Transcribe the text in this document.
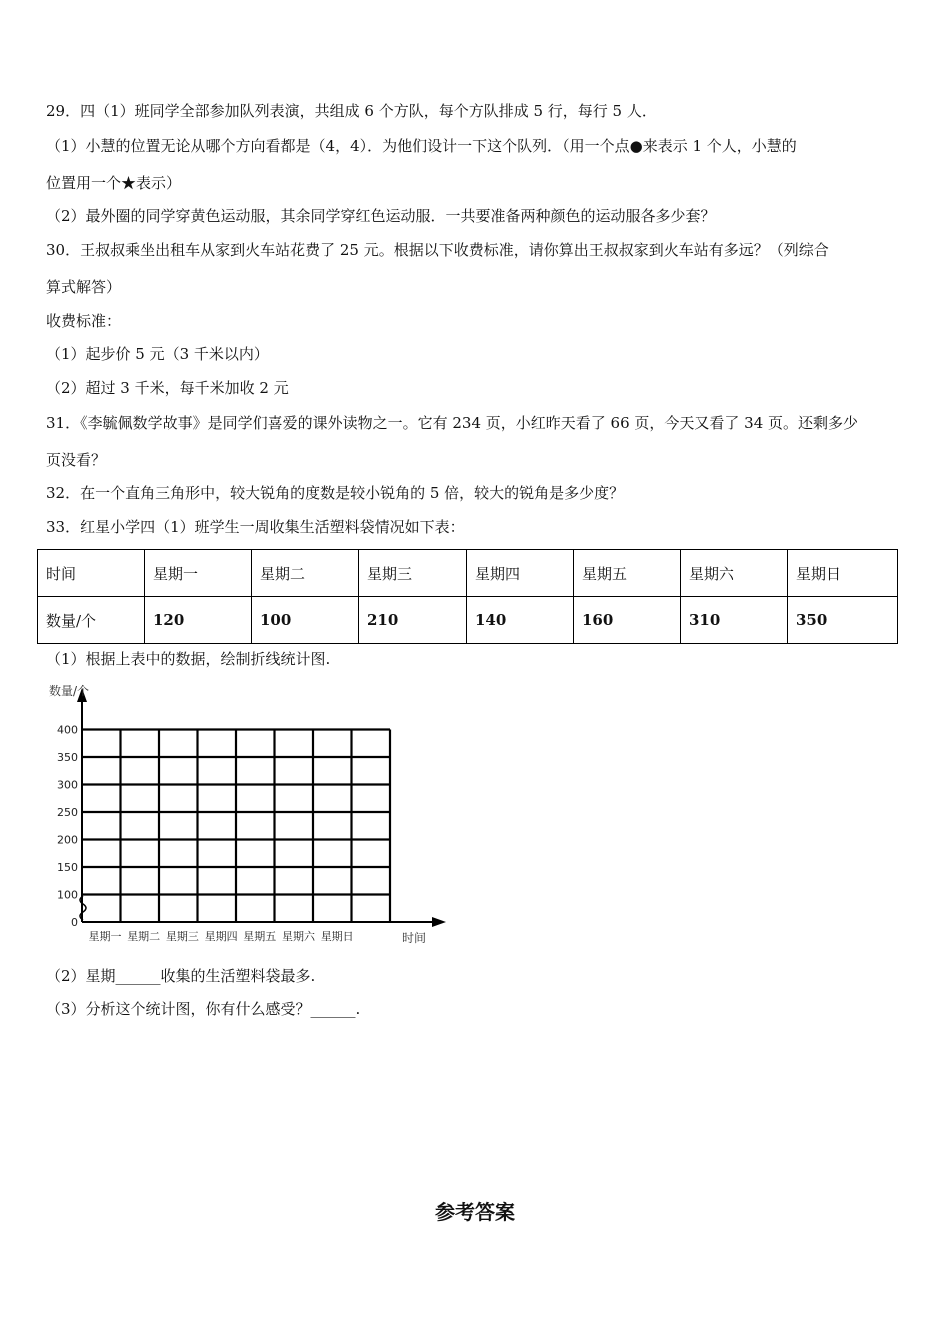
29．四（1）班同学全部参加队列表演，共组成 6 个方队，每个方队排成 5 行，每行 5 人．
（1）小慧的位置无论从哪个方向看都是（4，4）．为他们设计一下这个队列．（用一个点●来表示 1 个人，小慧的
位置用一个★表示）
（2）最外圈的同学穿黄色运动服，其余同学穿红色运动服．一共要准备两种颜色的运动服各多少套？
30．王叔叔乘坐出租车从家到火车站花费了 25 元。根据以下收费标准，请你算出王叔叔家到火车站有多远？（列综合
算式解答）
收费标准：
（1）起步价 5 元（3 千米以内）
（2）超过 3 千米，每千米加收 2 元
31．《李毓佩数学故事》是同学们喜爱的课外读物之一。它有 234 页，小红昨天看了 66 页，今天又看了 34 页。还剩多少
页没看？
32．在一个直角三角形中，较大锐角的度数是较小锐角的 5 倍，较大的锐角是多少度？
33．红星小学四（1）班学生一周收集生活塑料袋情况如下表：
时间	星期一	星期二	星期三	星期四	星期五	星期六	星期日
数量/个	120	100	210	140	160	310	350
（1）根据上表中的数据，绘制折线统计图.
0
100
150
200
250
300
350
400
数量/个
星期一 星期二 星期三 星期四 星期五 星期六 星期日	时间
（2）星期______收集的生活塑料袋最多.
（3）分析这个统计图，你有什么感受？______.
参考答案
